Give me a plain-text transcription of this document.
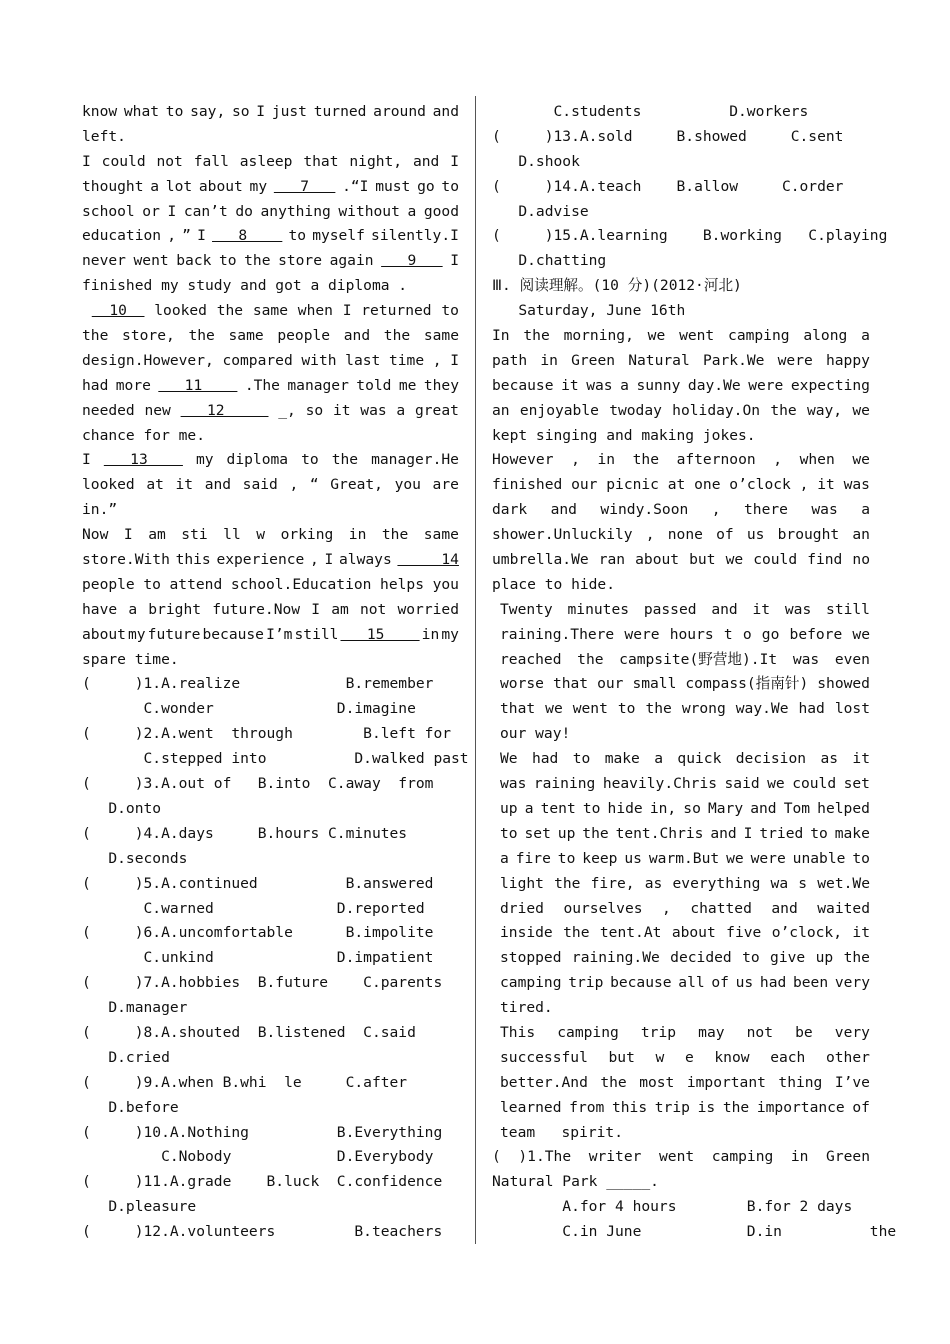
know what to say, so I just turned around and
left.
I could not fall asleep that night, and I
thought a lot about my 7 .“I must go to
school or I can’t do anything without a good
education , ” I 8 to myself silently.I
never went back to the store again 9 I
finished my study and got a diploma .
10 looked the same when I returned to
the store, the same people and the same
design.However, compared with last time , I
had more 11 .The manager told me they
needed new 12 _, so it was a great
chance for me.
I 13 my diploma to the manager.He
looked at it and said , “ Great, you are
in.”
Now I am sti ll w orking in the same
store.With this experience , I always 14
people to attend school.Education helps you
have a bright future.Now I am not worried
about my future because I’m still 15 in my
spare time.
(     )1.A.realize            B.remember
C.wonder              D.imagine
(     )2.A.went  through        B.left for
C.stepped into          D.walked past
(     )3.A.out of   B.into  C.away  from
D.onto
(     )4.A.days     B.hours C.minutes
D.seconds
(     )5.A.continued          B.answered
C.warned              D.reported
(     )6.A.uncomfortable      B.impolite
C.unkind              D.impatient
(     )7.A.hobbies  B.future    C.parents
D.manager
(     )8.A.shouted  B.listened  C.said
D.cried
(     )9.A.when B.whi  le     C.after
D.before
(     )10.A.Nothing          B.Everything
C.Nobody            D.Everybody
(     )11.A.grade    B.luck  C.confidence
D.pleasure
(     )12.A.volunteers         B.teachers
C.students          D.workers
(     )13.A.sold     B.showed     C.sent
D.shook
(     )14.A.teach    B.allow     C.order
D.advise
(     )15.A.learning    B.working   C.playing
D.chatting
Ⅲ. 阅读理解。(10 分)(2012·河北)
Saturday, June 16th
In the morning, we went camping along a
path in Green Natural Park.We were happy
because it was a sunny day.We were expecting
an enjoyable twoday holiday.On the way, we
kept singing and making jokes.
However , in the afternoon , when we
finished our picnic at one o’clock , it was
dark and windy.Soon , there was a
shower.Unluckily , none of us brought an
umbrella.We ran about but we could find no
place to hide.
Twenty minutes passed and it was still
raining.There were hours t o go before we
reached the campsite(野营地).It was even
worse that our small compass(指南针) showed
that we went to the wrong way.We had lost
our way!
We had to make a quick decision as it
was raining heavily.Chris said we could set
up a tent to hide in, so Mary and Tom helped
to set up the tent.Chris and I tried to make
a fire to keep us warm.But we were unable to
light the fire, as everything wa s wet.We
dried ourselves , chatted and waited
inside the tent.At about five o’clock, it
stopped raining.We decided to give up the
camping trip because all of us had been very
tired.
This camping trip may not be very
successful but w e know each other
better.And the most important thing I’ve
learned from this trip is the importance of
team   spirit.
( )1.The writer went camping in Green
Natural Park _____.
A.for 4 hours        B.for 2 days
C.in June            D.in          the
